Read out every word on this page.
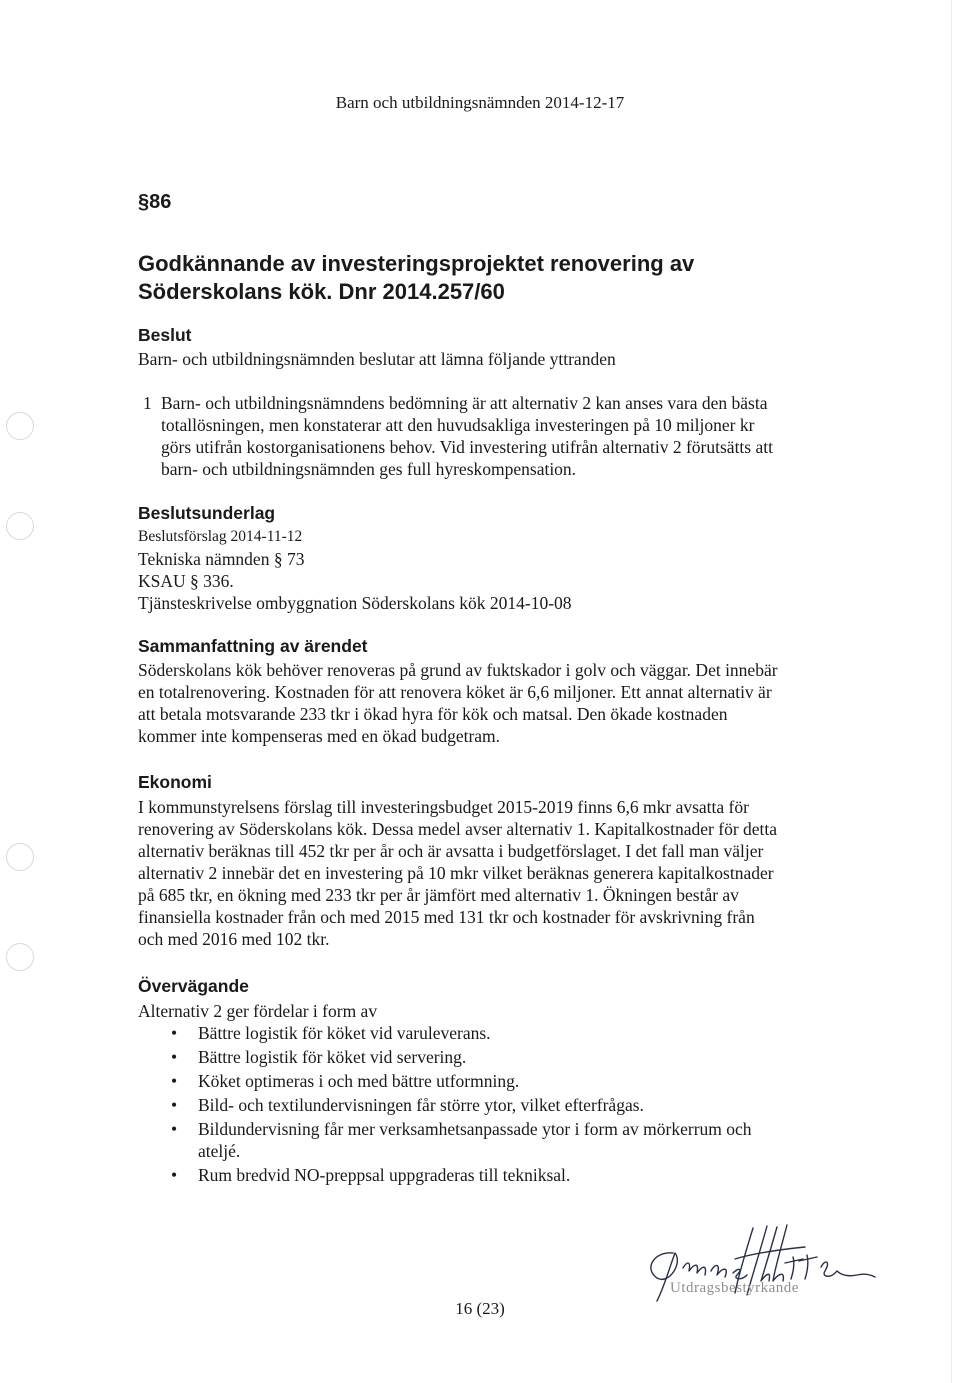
Barn och utbildningsnämnden 2014-12-17
§86
Godkännande av investeringsprojektet renovering av
Söderskolans kök. Dnr 2014.257/60
Beslut
Barn- och utbildningsnämnden beslutar att lämna följande yttranden
1 Barn- och utbildningsnämndens bedömning är att alternativ 2 kan anses vara den bästa
totallösningen, men konstaterar att den huvudsakliga investeringen på 10 miljoner kr
görs utifrån kostorganisationens behov. Vid investering utifrån alternativ 2 förutsätts att
barn- och utbildningsnämnden ges full hyreskompensation.
Beslutsunderlag
Beslutsförslag 2014-11-12
Tekniska nämnden § 73
KSAU § 336.
Tjänsteskrivelse ombyggnation Söderskolans kök 2014-10-08
Sammanfattning av ärendet
Söderskolans kök behöver renoveras på grund av fuktskador i golv och väggar. Det innebär
en totalrenovering. Kostnaden för att renovera köket är 6,6 miljoner. Ett annat alternativ är
att betala motsvarande 233 tkr i ökad hyra för kök och matsal. Den ökade kostnaden
kommer inte kompenseras med en ökad budgetram.
Ekonomi
I kommunstyrelsens förslag till investeringsbudget 2015-2019 finns 6,6 mkr avsatta för
renovering av Söderskolans kök. Dessa medel avser alternativ 1. Kapitalkostnader för detta
alternativ beräknas till 452 tkr per år och är avsatta i budgetförslaget. I det fall man väljer
alternativ 2 innebär det en investering på 10 mkr vilket beräknas generera kapitalkostnader
på 685 tkr, en ökning med 233 tkr per år jämfört med alternativ 1. Ökningen består av
finansiella kostnader från och med 2015 med 131 tkr och kostnader för avskrivning från
och med 2016 med 102 tkr.
Övervägande
Alternativ 2 ger fördelar i form av
• Bättre logistik för köket vid varuleverans.
• Bättre logistik för köket vid servering.
• Köket optimeras i och med bättre utformning.
• Bild- och textilundervisningen får större ytor, vilket efterfrågas.
• Bildundervisning får mer verksamhetsanpassade ytor i form av mörkerrum och
ateljé.
• Rum bredvid NO-preppsal uppgraderas till tekniksal.
16 (23)
Utdragsbestyrkande
